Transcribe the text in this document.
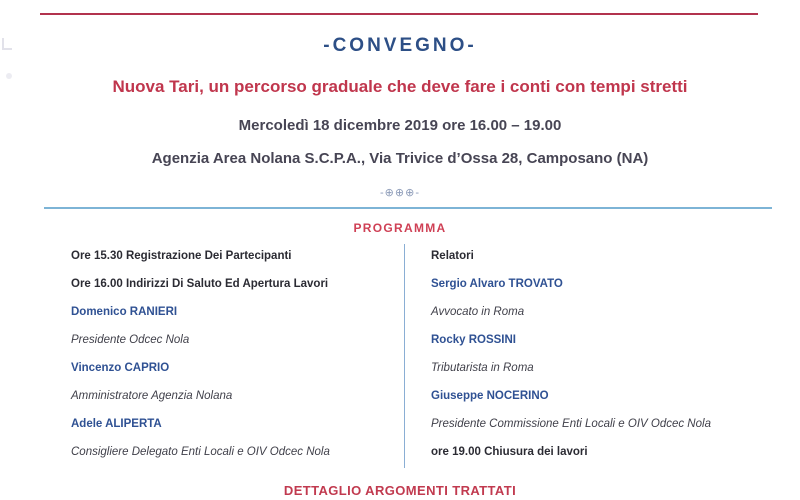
-CONVEGNO-
Nuova Tari, un percorso graduale che deve fare i conti con tempi stretti
Mercoledì 18 dicembre 2019 ore 16.00 – 19.00
Agenzia Area Nolana S.C.P.A., Via Trivice d’Ossa 28, Camposano (NA)
-⊕⊕⊕-
PROGRAMMA
Ore 15.30 Registrazione Dei Partecipanti
Ore 16.00 Indirizzi Di Saluto Ed Apertura Lavori
Domenico RANIERI
Presidente Odcec Nola
Vincenzo CAPRIO
Amministratore Agenzia Nolana
Adele ALIPERTA
Consigliere Delegato Enti Locali e OIV Odcec Nola
Relatori
Sergio Alvaro TROVATO
Avvocato in Roma
Rocky ROSSINI
Tributarista in Roma
Giuseppe NOCERINO
Presidente Commissione Enti Locali e OIV Odcec Nola
ore 19.00 Chiusura dei lavori
DETTAGLIO ARGOMENTI TRATTATI
